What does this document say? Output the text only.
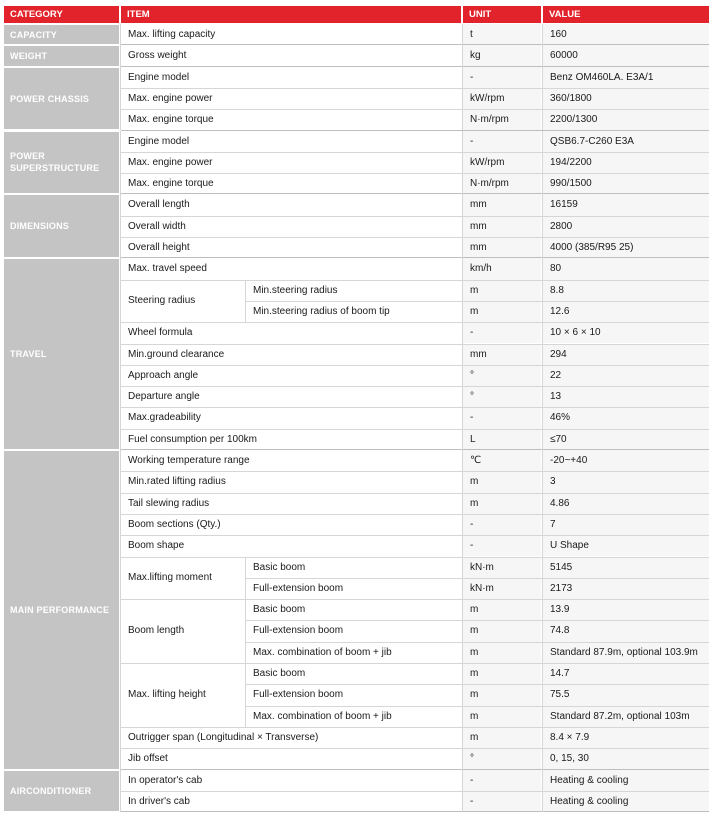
CATEGORY	ITEM	UNIT	VALUE
CAPACITY	Max. lifting capacity	t	160
WEIGHT	Gross weight	kg	60000
POWER CHASSIS
Engine model	-	Benz OM460LA. E3A/1
Max. engine power	kW/rpm	360/1800
Max. engine torque	N·m/rpm	2200/1300
POWER SUPERSTRUCTURE
Engine model	-	QSB6.7-C260 E3A
Max. engine power	kW/rpm	194/2200
Max. engine torque	N·m/rpm	990/1500
DIMENSIONS
Overall length	mm	16159
Overall width	mm	2800
Overall height	mm	4000 (385/R95 25)
TRAVEL
Max. travel speed	km/h	80
Steering radius
Min.steering radius	m	8.8
Min.steering radius of boom tip	m	12.6
Wheel formula	-	10 × 6 × 10
Min.ground clearance	mm	294
Approach angle	°	22
Departure angle	°	13
Max.gradeability	-	46%
Fuel consumption per 100km	L	≤70
MAIN PERFORMANCE
Working temperature range	℃	-20~+40
Min.rated lifting radius	m	3
Tail slewing radius	m	4.86
Boom sections (Qty.)	-	7
Boom shape	-	U Shape
Max.lifting moment
Basic boom	kN·m	5145
Full-extension boom	kN·m	2173
Boom length
Basic boom	m	13.9
Full-extension boom	m	74.8
Max. combination of boom + jib	m	Standard 87.9m, optional 103.9m
Max. lifting height
Basic boom	m	14.7
Full-extension boom	m	75.5
Max. combination of boom + jib	m	Standard 87.2m, optional 103m
Outrigger span (Longitudinal × Transverse)	m	8.4 × 7.9
Jib offset	°	0, 15, 30
AIRCONDITIONER
In operator's cab	-	Heating & cooling
In driver's cab	-	Heating & cooling
